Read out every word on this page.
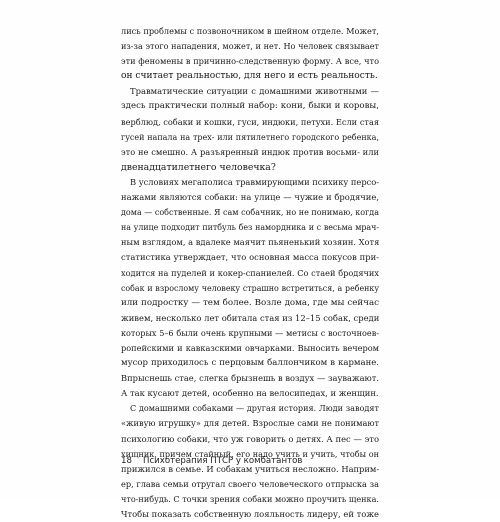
лись проблемы с позвоночником в шейном отделе. Может,
из-за этого нападения, может, и нет. Но человек связывает
эти феномены в причинно-следственную форму. А все, что
он считает реальностью, для него и есть реальность.
Травматические ситуации с домашними животными —
здесь практически полный набор: кони, быки и коровы,
верблюд, собаки и кошки, гуси, индюки, петухи. Если стая
гусей напала на трех- или пятилетнего городского ребенка,
это не смешно. А разъяренный индюк против восьми- или
двенадцатилетнего человечка?
В условиях мегаполиса травмирующими психику персо-
нажами являются собаки: на улице — чужие и бродячие,
дома — собственные. Я сам собачник, но не понимаю, когда
на улице подходит питбуль без намордника и с весьма мрач-
ным взглядом, а вдалеке маячит пьяненький хозяин. Хотя
статистика утверждает, что основная масса покусов при-
ходится на пуделей и кокер-спаниелей. Со стаей бродячих
собак и взрослому человеку страшно встретиться, а ребенку
или подростку — тем более. Возле дома, где мы сейчас
живем, несколько лет обитала стая из 12–15 собак, среди
которых 5–6 были очень крупными — метисы с восточнoев-
ропейскими и кавказскими овчарками. Выносить вечером
мусор приходилось с перцовым баллончиком в кармане.
Впрыснешь стае, слегка брызнешь в воздух — зауважают.
А так кусают детей, особенно на велосипедах, и женщин.
С домашними собаками — другая история. Люди заводят
«живую игрушку» для детей. Взрослые сами не понимают
психологию собаки, что уж говорить о детях. А пес — это
хищник, причем стайный, его надо учить и учить, чтобы он
прижился в семье. И собакам учиться несложно. Наприм-
ер, глава семьи отругал своего человеческого отпрыска за
что-нибудь. С точки зрения собаки можно проучить щенка.
Чтобы показать собственную лояльность лидеру, ей тоже
18 Психотерапия ПТСР у комбатантов
